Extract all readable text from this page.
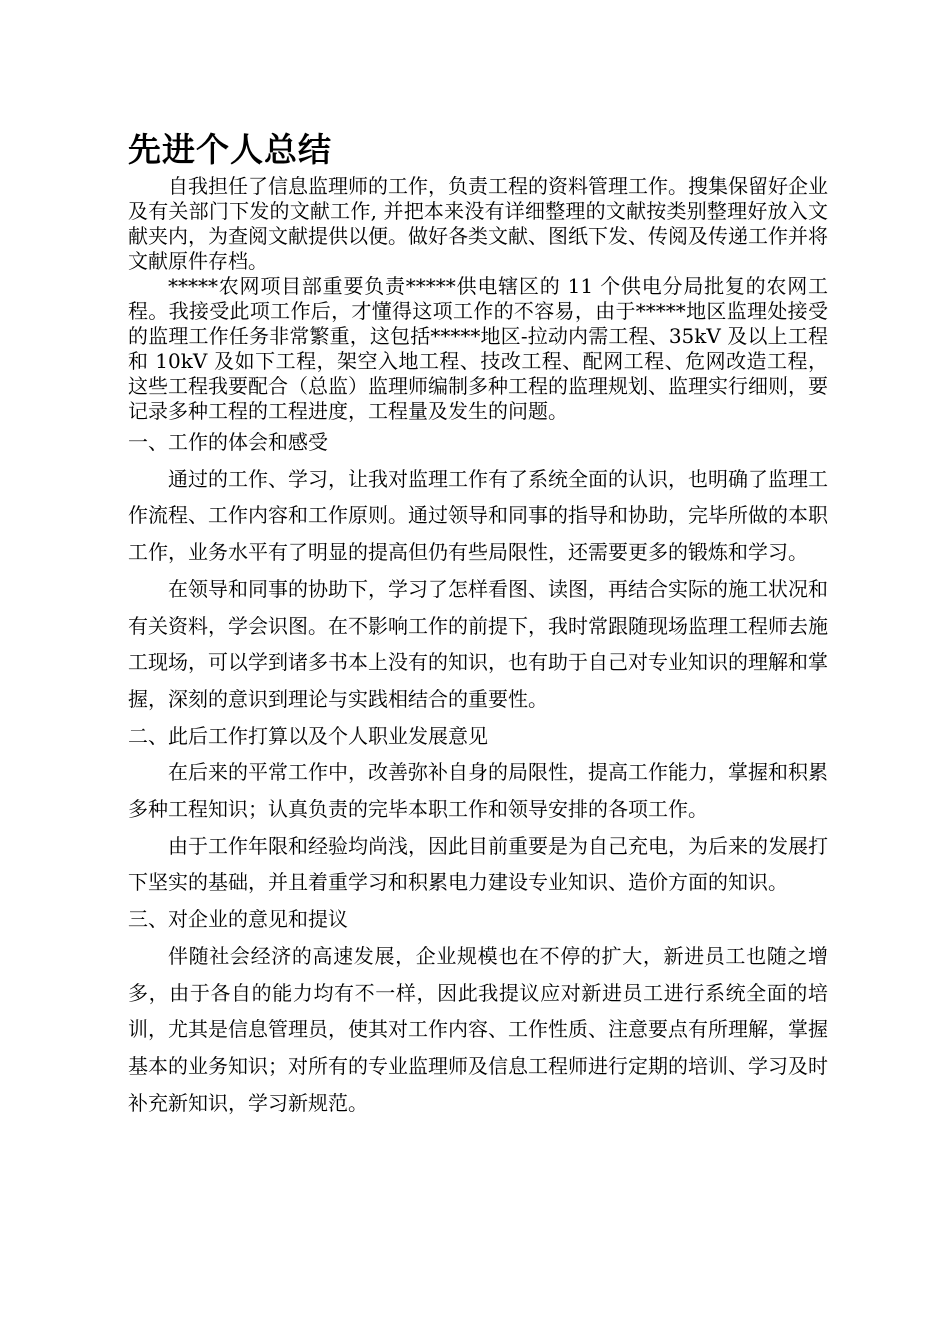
先进个人总结

自我担任了信息监理师的工作，负责工程的资料管理工作。搜集保留好企业及有关部门下发的文献工作, 并把本来没有详细整理的文献按类别整理好放入文献夹内，为查阅文献提供以便。做好各类文献、图纸下发、传阅及传递工作并将文献原件存档。

*****农网项目部重要负责*****供电辖区的 11 个供电分局批复的农网工程。我接受此项工作后，才懂得这项工作的不容易，由于*****地区监理处接受的监理工作任务非常繁重，这包括*****地区-拉动内需工程、35kV 及以上工程和 10kV 及如下工程，架空入地工程、技改工程、配网工程、危网改造工程，这些工程我要配合（总监）监理师编制多种工程的监理规划、监理实行细则，要记录多种工程的工程进度，工程量及发生的问题。

一、工作的体会和感受

通过的工作、学习，让我对监理工作有了系统全面的认识，也明确了监理工作流程、工作内容和工作原则。通过领导和同事的指导和协助，完毕所做的本职工作，业务水平有了明显的提高但仍有些局限性，还需要更多的锻炼和学习。

在领导和同事的协助下，学习了怎样看图、读图，再结合实际的施工状况和有关资料，学会识图。在不影响工作的前提下，我时常跟随现场监理工程师去施工现场，可以学到诸多书本上没有的知识，也有助于自己对专业知识的理解和掌握，深刻的意识到理论与实践相结合的重要性。

二、此后工作打算以及个人职业发展意见

在后来的平常工作中，改善弥补自身的局限性，提高工作能力，掌握和积累多种工程知识；认真负责的完毕本职工作和领导安排的各项工作。

由于工作年限和经验均尚浅，因此目前重要是为自己充电，为后来的发展打下坚实的基础，并且着重学习和积累电力建设专业知识、造价方面的知识。

三、对企业的意见和提议

伴随社会经济的高速发展，企业规模也在不停的扩大，新进员工也随之增多，由于各自的能力均有不一样，因此我提议应对新进员工进行系统全面的培训，尤其是信息管理员，使其对工作内容、工作性质、注意要点有所理解，掌握基本的业务知识；对所有的专业监理师及信息工程师进行定期的培训、学习及时补充新知识，学习新规范。
